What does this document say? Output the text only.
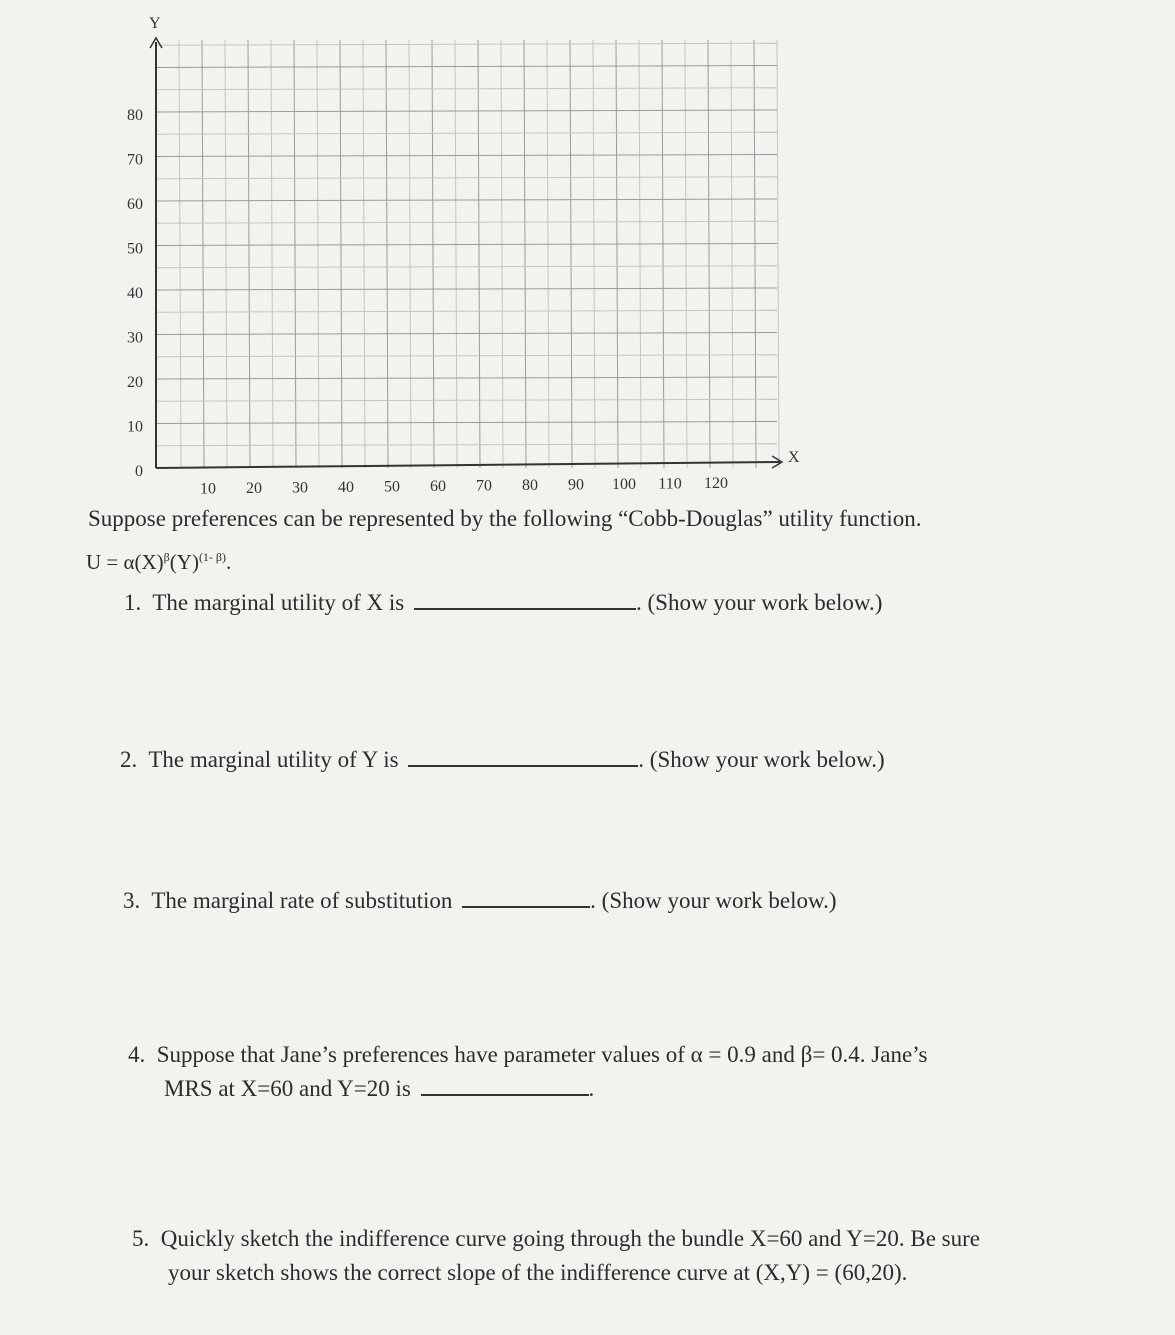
Y
X
10 20 30 40 50 60 70 80 90 100 110 120
0
10
20
30
40
50
60
70
80
Suppose preferences can be represented by the following “Cobb-Douglas” utility function.
$U = \alpha(X)^\beta(Y)^{(1- \beta)}$.
1. The marginal utility of X is	. (Show your work below.)
2. The marginal utility of Y is	. (Show your work below.)
3. The marginal rate of substitution	. (Show your work below.)
4. Suppose that Jane’s preferences have parameter values of α = 0.9 and β= 0.4. Jane’s
MRS at X=60 and Y=20 is	.
5. Quickly sketch the indifference curve going through the bundle X=60 and Y=20. Be sure
your sketch shows the correct slope of the indifference curve at (X,Y) = (60,20).
